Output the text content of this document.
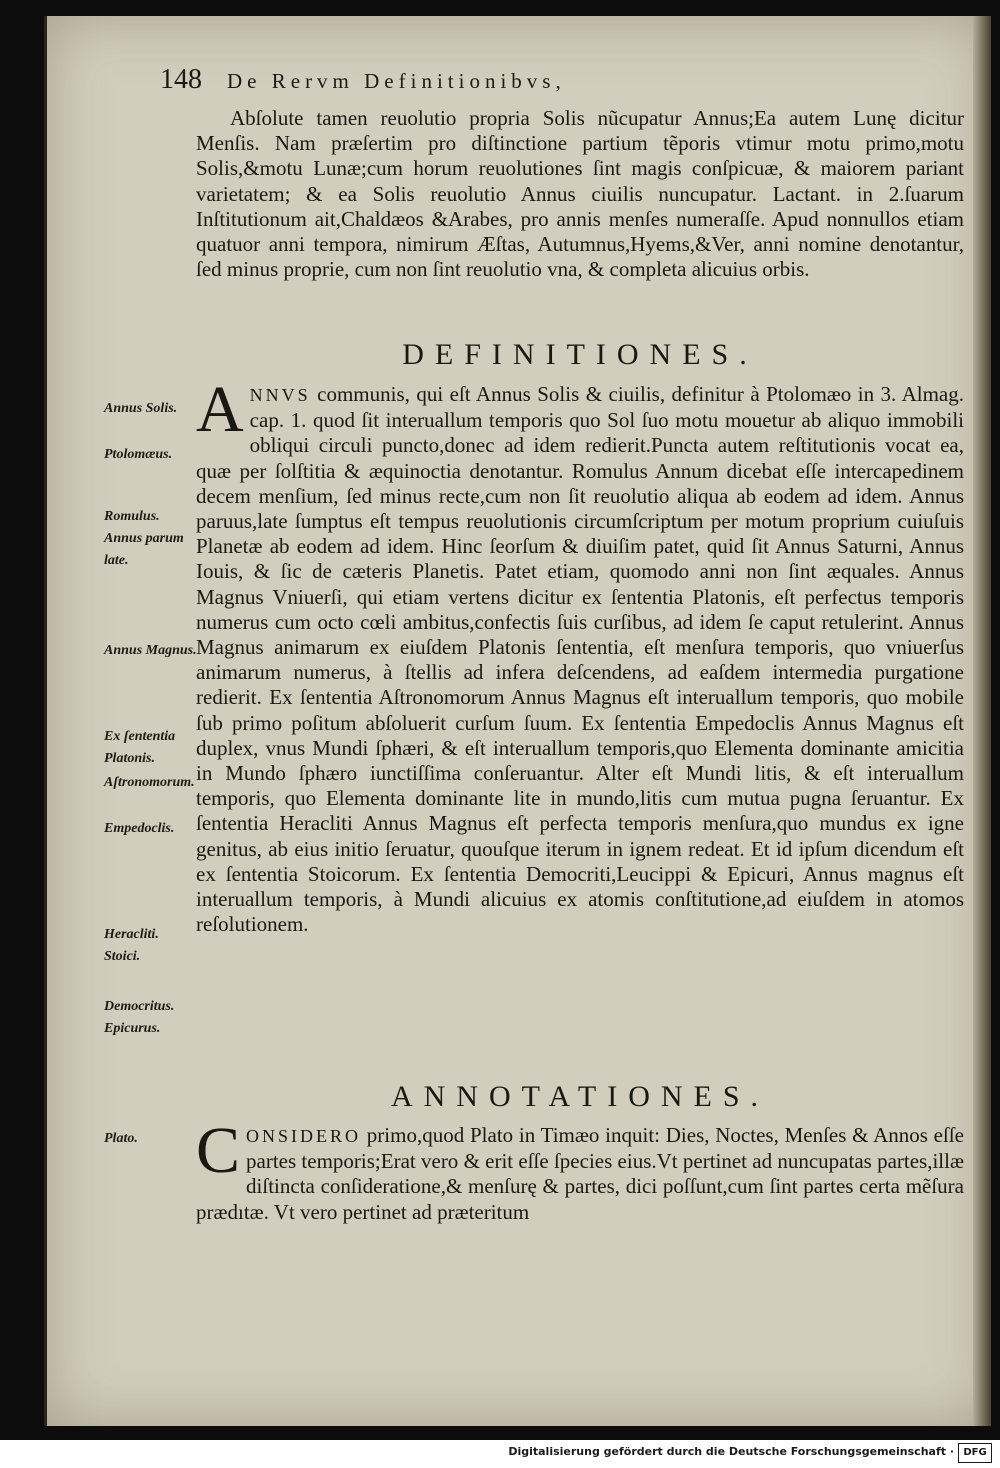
148 De Rervm Definitionibvs,

Abſolute tamen reuolutio propria Solis nũcupatur Annus;Ea autem Lunę dicitur Menſis. Nam præſertim pro diſtinctione partium tẽporis vtimur motu primo,motu Solis,&motu Lunæ;cum horum reuolutiones ſint magis conſpicuæ, & maiorem pariant varietatem; & ea Solis reuolutio Annus ciuilis nuncupatur. Lactant. in 2.ſuarum Inſtitutionum ait,Chaldæos &Arabes, pro annis menſes numeraſſe. Apud nonnullos etiam quatuor anni tempora, nimirum Æſtas, Autumnus,Hyems,&Ver, anni nomine denotantur, ſed minus proprie, cum non ſint reuolutio vna, & completa alicuius orbis.

DEFINITIONES.

A NNVS communis, qui eſt Annus Solis & ciuilis, definitur à Ptolomæo in 3. Almag. cap. 1. quod ſit interuallum temporis quo Sol ſuo motu mouetur ab aliquo immobili obliqui circuli puncto,donec ad idem redierit.Puncta autem reſtitutionis vocat ea, quæ per ſolſtitia & æquinoctia denotantur. Romulus Annum dicebat eſſe intercapedinem decem menſium, ſed minus recte,cum non ſit reuolutio aliqua ab eodem ad idem. Annus paruus,late ſumptus eſt tempus reuolutionis circumſcriptum per motum proprium cuiuſuis Planetæ ab eodem ad idem. Hinc ſeorſum & diuiſim patet, quid ſit Annus Saturni, Annus Iouis, & ſic de cæteris Planetis. Patet etiam, quomodo anni non ſint æquales. Annus Magnus Vniuerſi, qui etiam vertens dicitur ex ſententia Platonis, eſt perfectus temporis numerus cum octo cœli ambitus,confectis ſuis curſibus, ad idem ſe caput retulerint. Annus Magnus animarum ex eiuſdem Platonis ſententia, eſt menſura temporis, quo vniuerſus animarum numerus, à ſtellis ad infera deſcendens, ad eaſdem intermedia purgatione redierit. Ex ſententia Aſtronomorum Annus Magnus eſt interuallum temporis, quo mobile ſub primo poſitum abſoluerit curſum ſuum. Ex ſententia Empedoclis Annus Magnus eſt duplex, vnus Mundi ſphæri, & eſt interuallum temporis,quo Elementa dominante amicitia in Mundo ſphæro iunctiſſima conſeruantur. Alter eſt Mundi litis, & eſt interuallum temporis, quo Elementa dominante lite in mundo,litis cum mutua pugna ſeruantur. Ex ſententia Heracliti Annus Magnus eſt perfecta temporis menſura,quo mundus ex igne genitus, ab eius initio ſeruatur, quouſque iterum in ignem redeat. Et id ipſum dicendum eſt ex ſententia Stoicorum. Ex ſententia Democriti,Leucippi & Epicuri, Annus magnus eſt interuallum temporis, à Mundi alicuius ex atomis conſtitutione,ad eiuſdem in atomos reſolutionem.

ANNOTATIONES.

C ONSIDERO primo,quod Plato in Timæo inquit: Dies, Noctes, Menſes & Annos eſſe partes temporis;Erat vero & erit eſſe ſpecies eius.Vt pertinet ad nuncupatas partes,illæ diſtincta conſideratione,& menſurę & partes, dici poſſunt,cum ſint partes certa mẽſura prædıtæ. Vt vero pertinet ad præteritum

Annus Solis.
Ptolomæus.
Romulus.
Annus parum late.
Annus Magnus.
Ex ſententia Platonis.
Aſtronomorum.
Empedoclis.
Heracliti.
Stoici.
Democritus.
Epicurus.
Plato.
Digitalisierung gefördert durch die Deutsche Forschungsgemeinschaft · DFG
